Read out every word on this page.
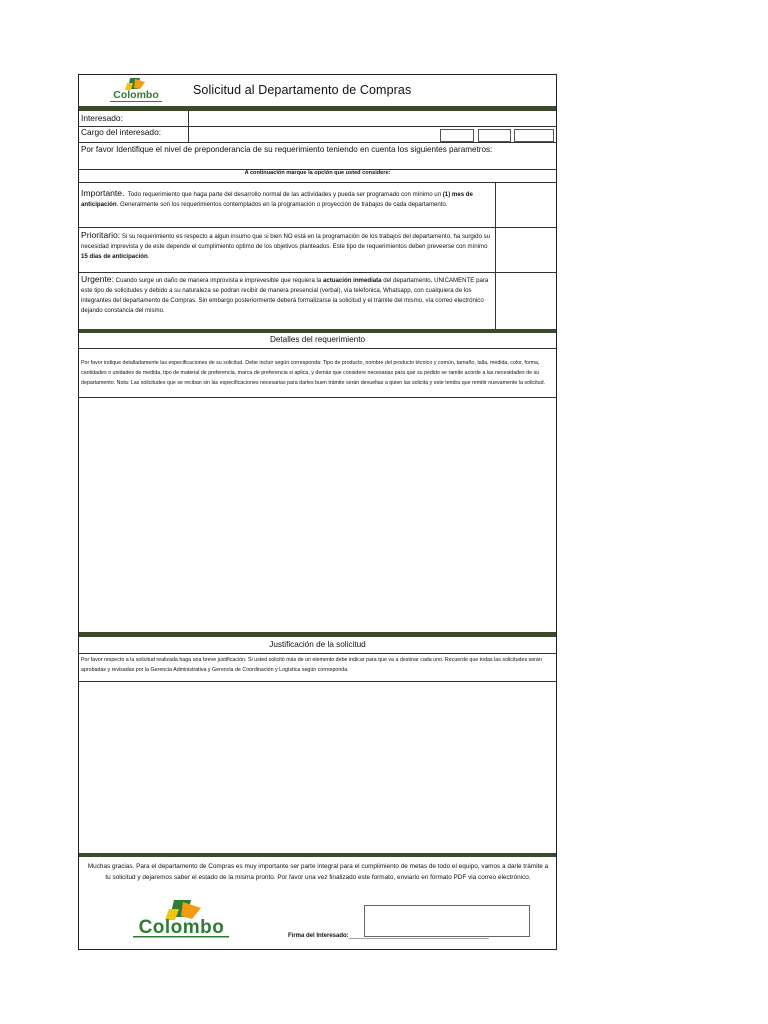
Colombo	Solicitud al Departamento de Compras
Interesado:
Cargo del interesado:
Por favor Identifique el nivel de preponderancia de su requerimiento teniendo en cuenta los siguientes parametros:
A continuación marque la opción que usted considere:
Importante. Todo requerimiento que haga parte del desarrollo normal de las actividades y pueda ser programado con mínimo un (1) mes de anticipación. Generalmente son los requerimientos contemplados en la programación o proyección de trabajos de cada departamento.
Prioritario: Si su requerimiento es respecto a algun insumo que si bien NO está en la programación de los trabajos del departamento, ha surgido su necesidad imprevista y de este depende el cumplimiento optimo de los objetivos planteados. Este tipo de requerimientos deben preveerse con mínimo 15 días de anticipación.
Urgente: Cuando surge un daño de manera improvista e imprevesible que requiera la actuación inmediata del departamento, UNICAMENTE para este tipo de solicitudes y debido a su naturaleza se podran recibir de manera presencial (verbal), vía telefonica, Whatsapp, con cualquiera de los integrantes del departamento de Compras. Sin embargo posteriormente deberá formalizarse la solicitud y el trámite del mismo, vía correo electrónico dejando constancia del mismo.
Detalles del requerimiento
Por favor indique detalladamente las especificaciones de su solicitud. Debe incluir según corresponda: Tipo de producto, nombre del producto técnico y común, tamaño, talla, medida, color, forma, cantidades o unidades de medida, tipo de material de preferencia, marca de preferencia si aplica, y demás que considere necesarias para que su pedido se ramite acorde a las necesidades de su departamento. Nota: Las solicitudes que se reciban sin las especificaciones necesarias para darles buen trámite serán devueltas a quien las solicita y este tendra que remitir nuevamente la solicitud.
Justificación de la solicitud
Por favor respecto a la solicitud realizada haga una breve justificación. Si usted solicitó más de un elemento debe indicar para que va a destinar cada uno. Recuerde que todas las solicitudes serán aprobadas y revisadas por la Gerencia Administrativa y Gerencia de Coordinación y Logística según corresponda.
Muchas gracias. Para el departamento de Compras es muy importante ser parte integral para el cumplimiento de metas de todo el equipo, vamos a darle trámite a tu solicitud y dejaremos saber el estado de la misma pronto. Por favor una vez finalizado este formato, enviarlo en formato PDF via correo electrónico.
Colombo	Firma del Interesado:__________________________________________
